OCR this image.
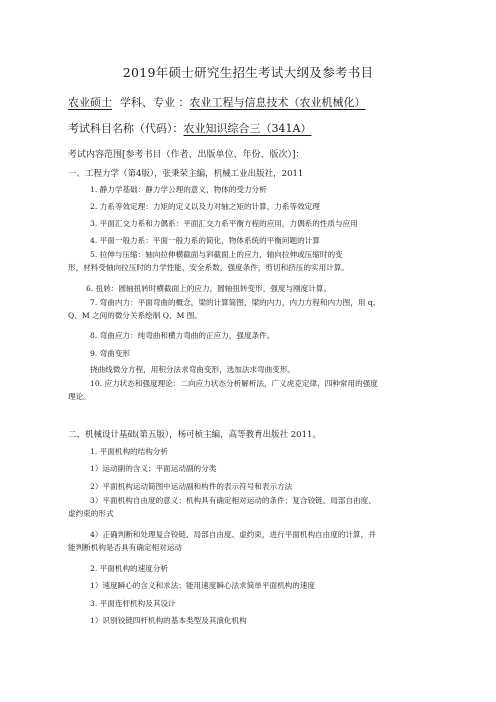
2019年硕士研究生招生考试大纲及参考书目
农业硕士 学科、专业 ：农业工程与信息技术（农业机械化）
考试科目名称（代码）：农业知识综合三（341A）
考试内容范围[参考书目（作者、出版单位、年份、版次）]：
一、工程力学（第4版），张秉荣主编，机械工业出版社，2011
1. 静力学基础：静力学公理的意义，物体的受力分析
2. 力系等效定理：力矩的定义以及力对轴之矩的计算，力系等效定理
3. 平面汇交力系和力偶系：平面汇交力系平衡方程的应用，力偶系的性质与应用
4. 平面一般力系：平面一般力系的简化，物体系统的平衡问题的计算
5. 拉伸与压缩：轴向拉伸横截面与斜截面上的应力，轴向拉伸或压缩时的变
形，材料受轴向拉压时的力学性能，安全系数，强度条件，剪切和挤压的实用计算。
6. 扭转：圆轴扭转时横截面上的应力，圆轴扭转变形，强度与刚度计算。
7. 弯曲内力：平面弯曲的概念，梁的计算简图，梁的内力，内力方程和内力图，用 q、
Q、M 之间的微分关系绘制 Q、M 图。
8. 弯曲应力：纯弯曲和横力弯曲的正应力，强度条件。
9. 弯曲变形
挠曲线微分方程，用积分法求弯曲变形，选加法求弯曲变形。
10. 应力状态和强度理论：二向应力状态分析解析法，广义虎克定律，四种常用的强度
理论。
二、机械设计基础(第五版），杨可桢主编，高等教育出版社 2011。
1. 平面机构的结构分析
1）运动副的含义；平面运动副的分类
2）平面机构运动简图中运动副和构件的表示符号和表示方法
3）平面机构自由度的意义；机构具有确定相对运动的条件；复合铰链、局部自由度、
虚约束的形式
4）正确判断和处理复合铰链、局部自由度、虚约束，进行平面机构自由度的计算，并
能判断机构是否具有确定相对运动
2. 平面机构的速度分析
1）速度瞬心的含义和求法；能用速度瞬心法求简单平面机构的速度
3. 平面连杆机构及其设计
1）识别铰链四杆机构的基本类型及其演化机构
